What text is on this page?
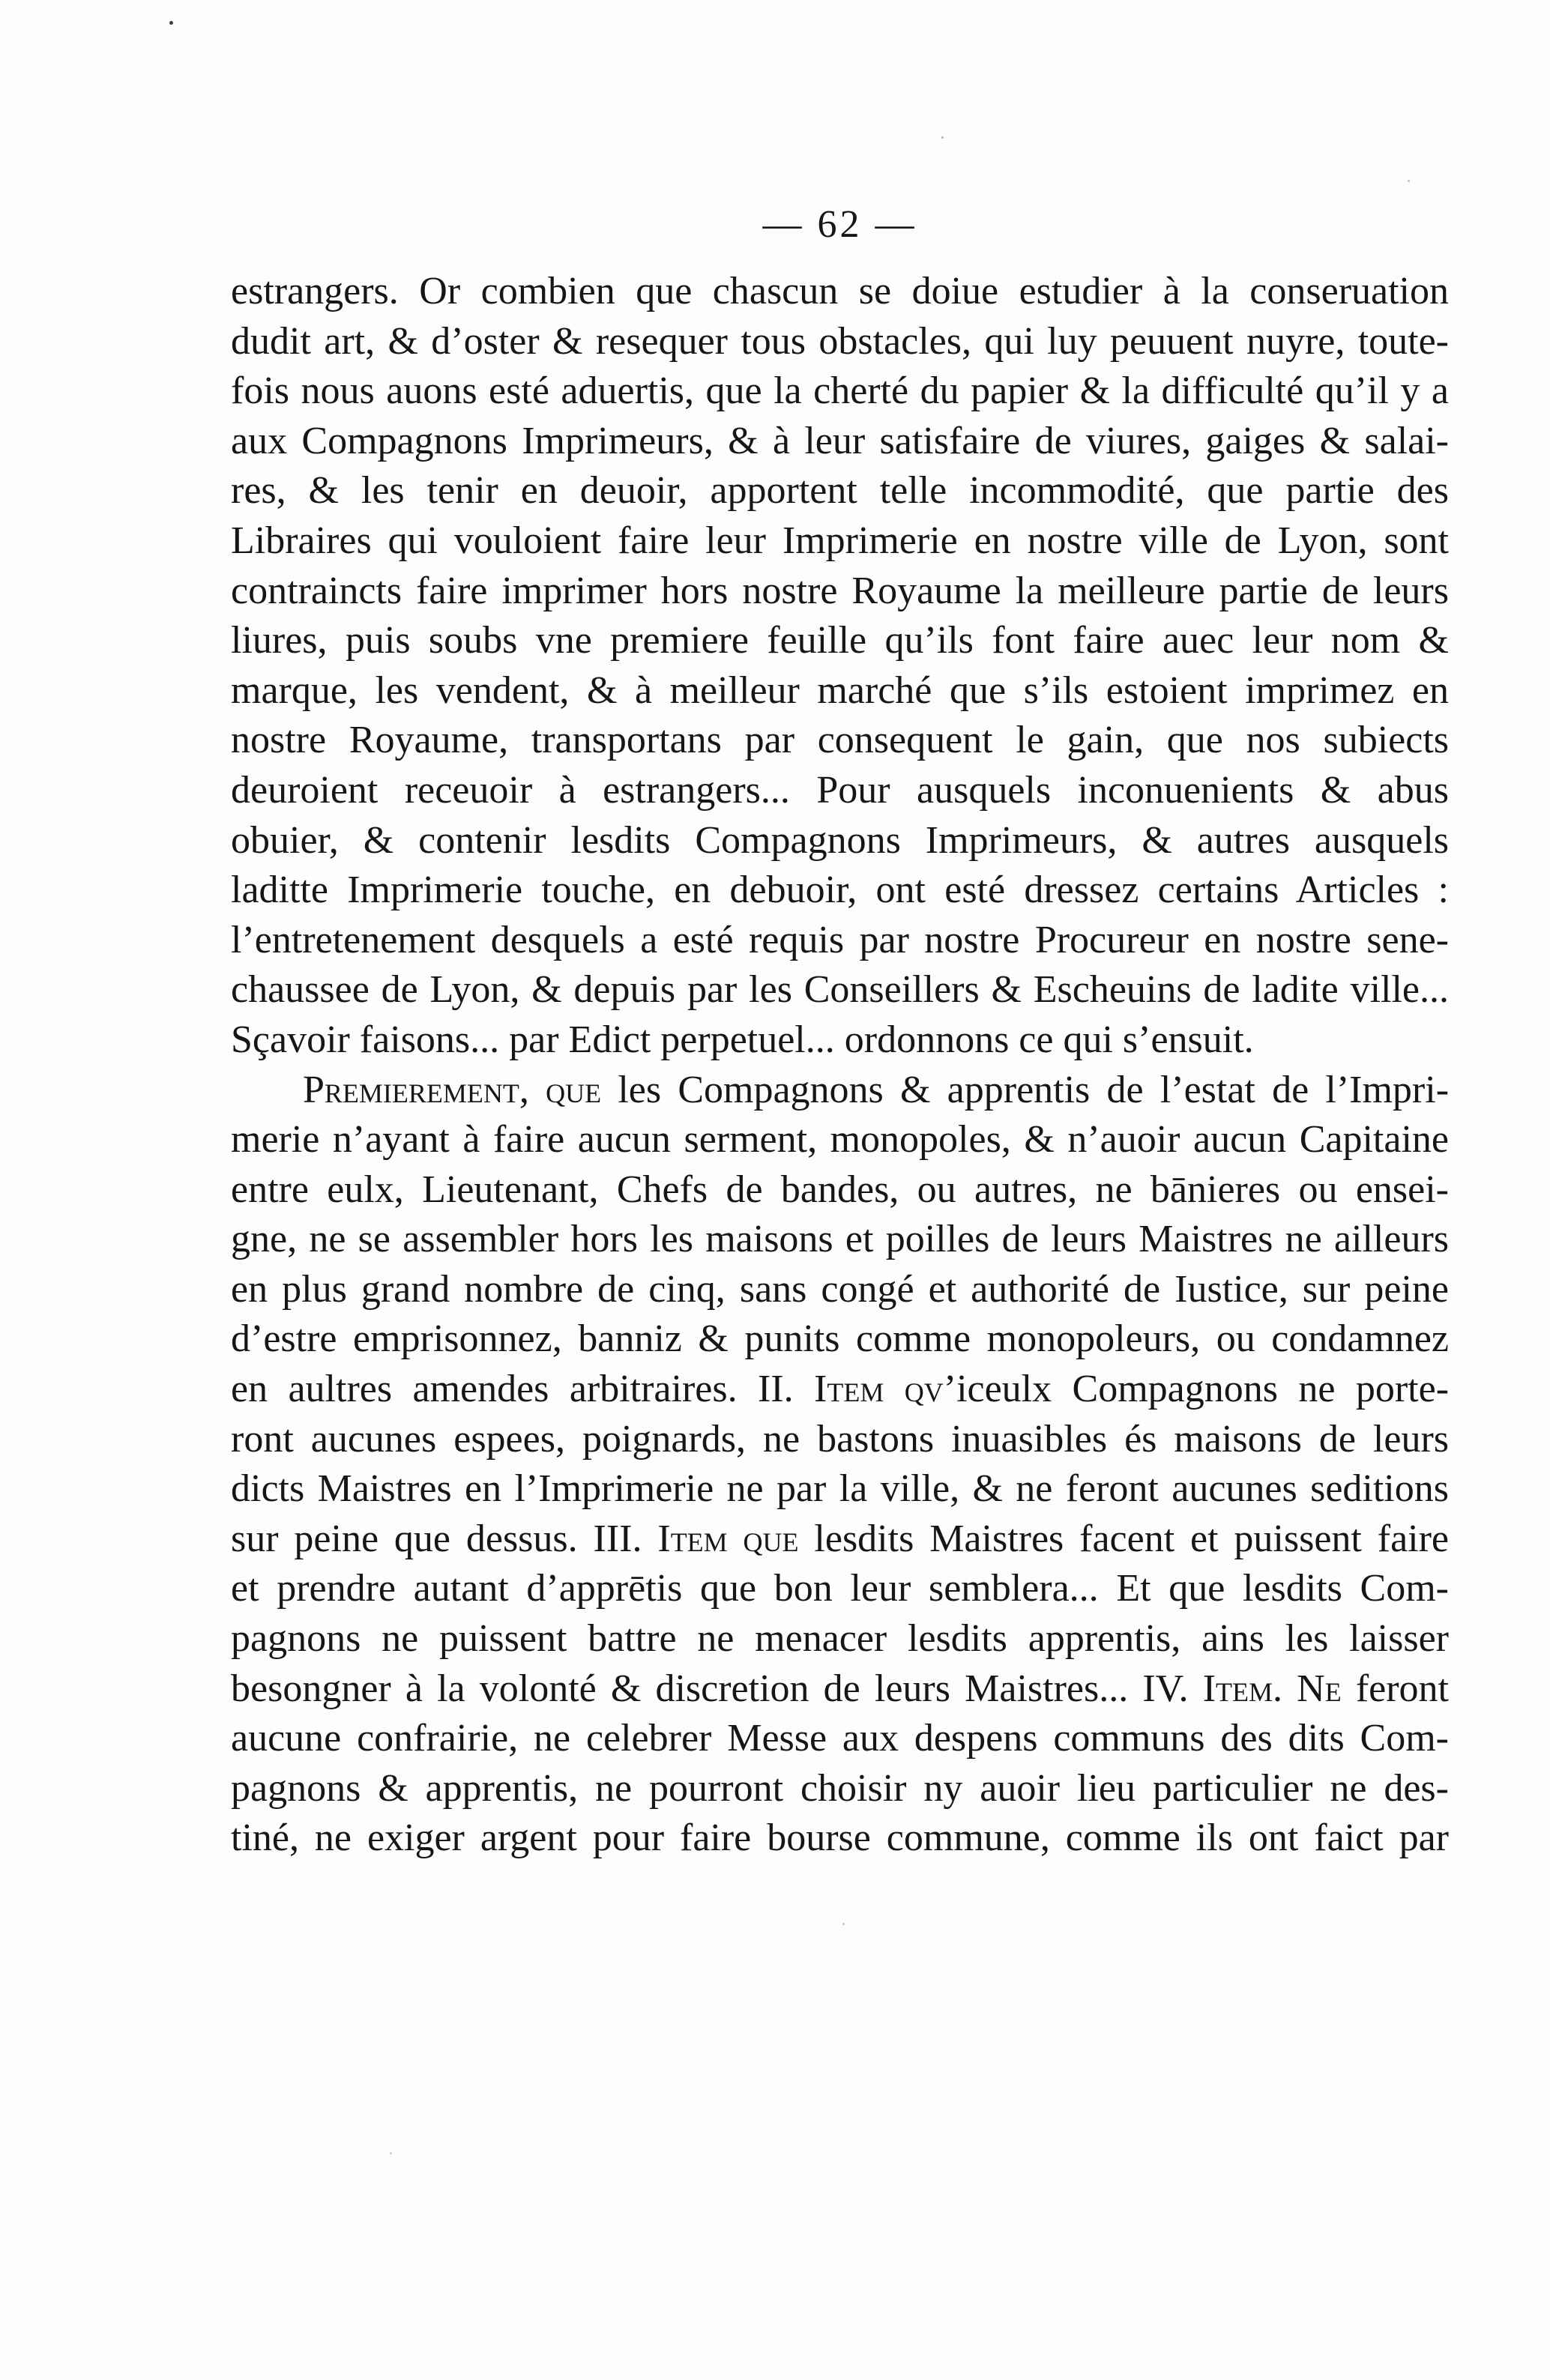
— 62 —
estrangers. Or combien que chascun se doiue estudier à la conseruation
dudit art, & d’oster & resequer tous obstacles, qui luy peuuent nuyre, toute-
fois nous auons esté aduertis, que la cherté du papier & la difficulté qu’il y a
aux Compagnons Imprimeurs, & à leur satisfaire de viures, gaiges & salai-
res, & les tenir en deuoir, apportent telle incommodité, que partie des
Libraires qui vouloient faire leur Imprimerie en nostre ville de Lyon, sont
contraincts faire imprimer hors nostre Royaume la meilleure partie de leurs
liures, puis soubs vne premiere feuille qu’ils font faire auec leur nom &
marque, les vendent, & à meilleur marché que s’ils estoient imprimez en
nostre Royaume, transportans par consequent le gain, que nos subiects
deuroient receuoir à estrangers... Pour ausquels inconuenients & abus
obuier, & contenir lesdits Compagnons Imprimeurs, & autres ausquels
laditte Imprimerie touche, en debuoir, ont esté dressez certains Articles :
l’entretenement desquels a esté requis par nostre Procureur en nostre sene-
chaussee de Lyon, & depuis par les Conseillers & Escheuins de ladite ville...
Sçavoir faisons... par Edict perpetuel... ordonnons ce qui s’ensuit.
Premierement, que les Compagnons & apprentis de l’estat de l’Impri-
merie n’ayant à faire aucun serment, monopoles, & n’auoir aucun Capitaine
entre eulx, Lieutenant, Chefs de bandes, ou autres, ne bānieres ou ensei-
gne, ne se assembler hors les maisons et poilles de leurs Maistres ne ailleurs
en plus grand nombre de cinq, sans congé et authorité de Iustice, sur peine
d’estre emprisonnez, banniz & punits comme monopoleurs, ou condamnez
en aultres amendes arbitraires. II. Item qv’iceulx Compagnons ne porte-
ront aucunes espees, poignards, ne bastons inuasibles és maisons de leurs
dicts Maistres en l’Imprimerie ne par la ville, & ne feront aucunes seditions
sur peine que dessus. III. Item que lesdits Maistres facent et puissent faire
et prendre autant d’apprētis que bon leur semblera... Et que lesdits Com-
pagnons ne puissent battre ne menacer lesdits apprentis, ains les laisser
besongner à la volonté & discretion de leurs Maistres... IV. Item. Ne feront
aucune confrairie, ne celebrer Messe aux despens communs des dits Com-
pagnons & apprentis, ne pourront choisir ny auoir lieu particulier ne des-
tiné, ne exiger argent pour faire bourse commune, comme ils ont faict par
